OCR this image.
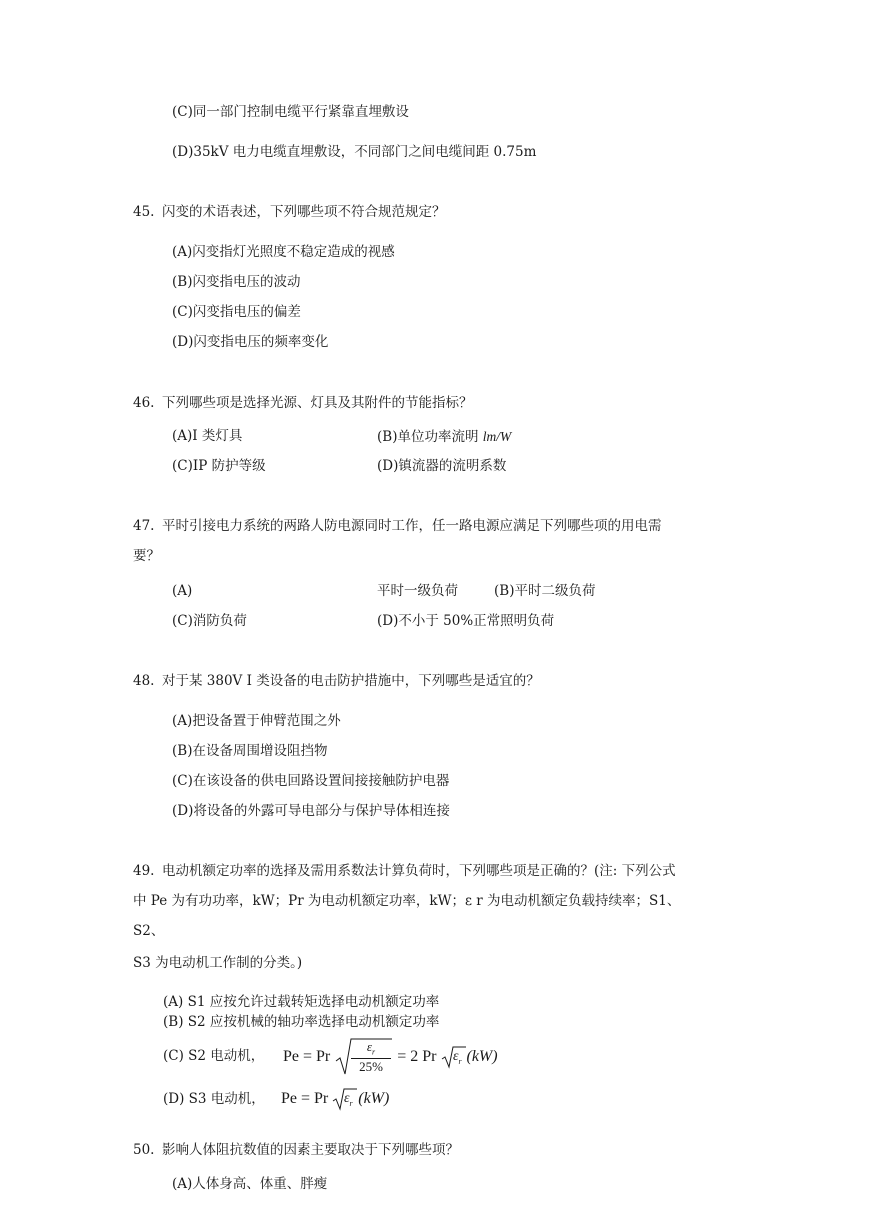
(C)同一部门控制电缆平行紧靠直埋敷设
(D)35kV 电力电缆直埋敷设，不同部门之间电缆间距 0.75m
45. 闪变的术语表述，下列哪些项不符合规范规定？
(A)闪变指灯光照度不稳定造成的视感
(B)闪变指电压的波动
(C)闪变指电压的偏差
(D)闪变指电压的频率变化
46. 下列哪些项是选择光源、灯具及其附件的节能指标？
(A)I 类灯具	(B)单位功率流明 lm/W
(C)IP 防护等级	(D)镇流器的流明系数
47. 平时引接电力系统的两路人防电源同时工作，任一路电源应满足下列哪些项的用电需
要？
(A)	平时一级负荷	(B)平时二级负荷
(C)消防负荷	(D)不小于 50%正常照明负荷
48. 对于某 380V I 类设备的电击防护措施中，下列哪些是适宜的？
(A)把设备置于伸臂范围之外
(B)在设备周围增设阻挡物
(C)在该设备的供电回路设置间接接触防护电器
(D)将设备的外露可导电部分与保护导体相连接
49. 电动机额定功率的选择及需用系数法计算负荷时，下列哪些项是正确的？(注: 下列公式
中 Pe 为有功功率，kW；Pr 为电动机额定功率，kW；ε r 为电动机额定负载持续率；S1、
S2、
S3 为电动机工作制的分类。)
(A) S1 应按允许过载转矩选择电动机额定功率
(B) S2 应按机械的轴功率选择电动机额定功率
(C) S2 电动机， Pe = Pr $\frac{\varepsilon_r}{25\%} = 2$ Pr $\varepsilon_r$ (kW)
(D) S3 电动机， Pe = Pr $\varepsilon_r$ (kW)
50. 影响人体阻抗数值的因素主要取决于下列哪些项？
(A)人体身高、体重、胖瘦
